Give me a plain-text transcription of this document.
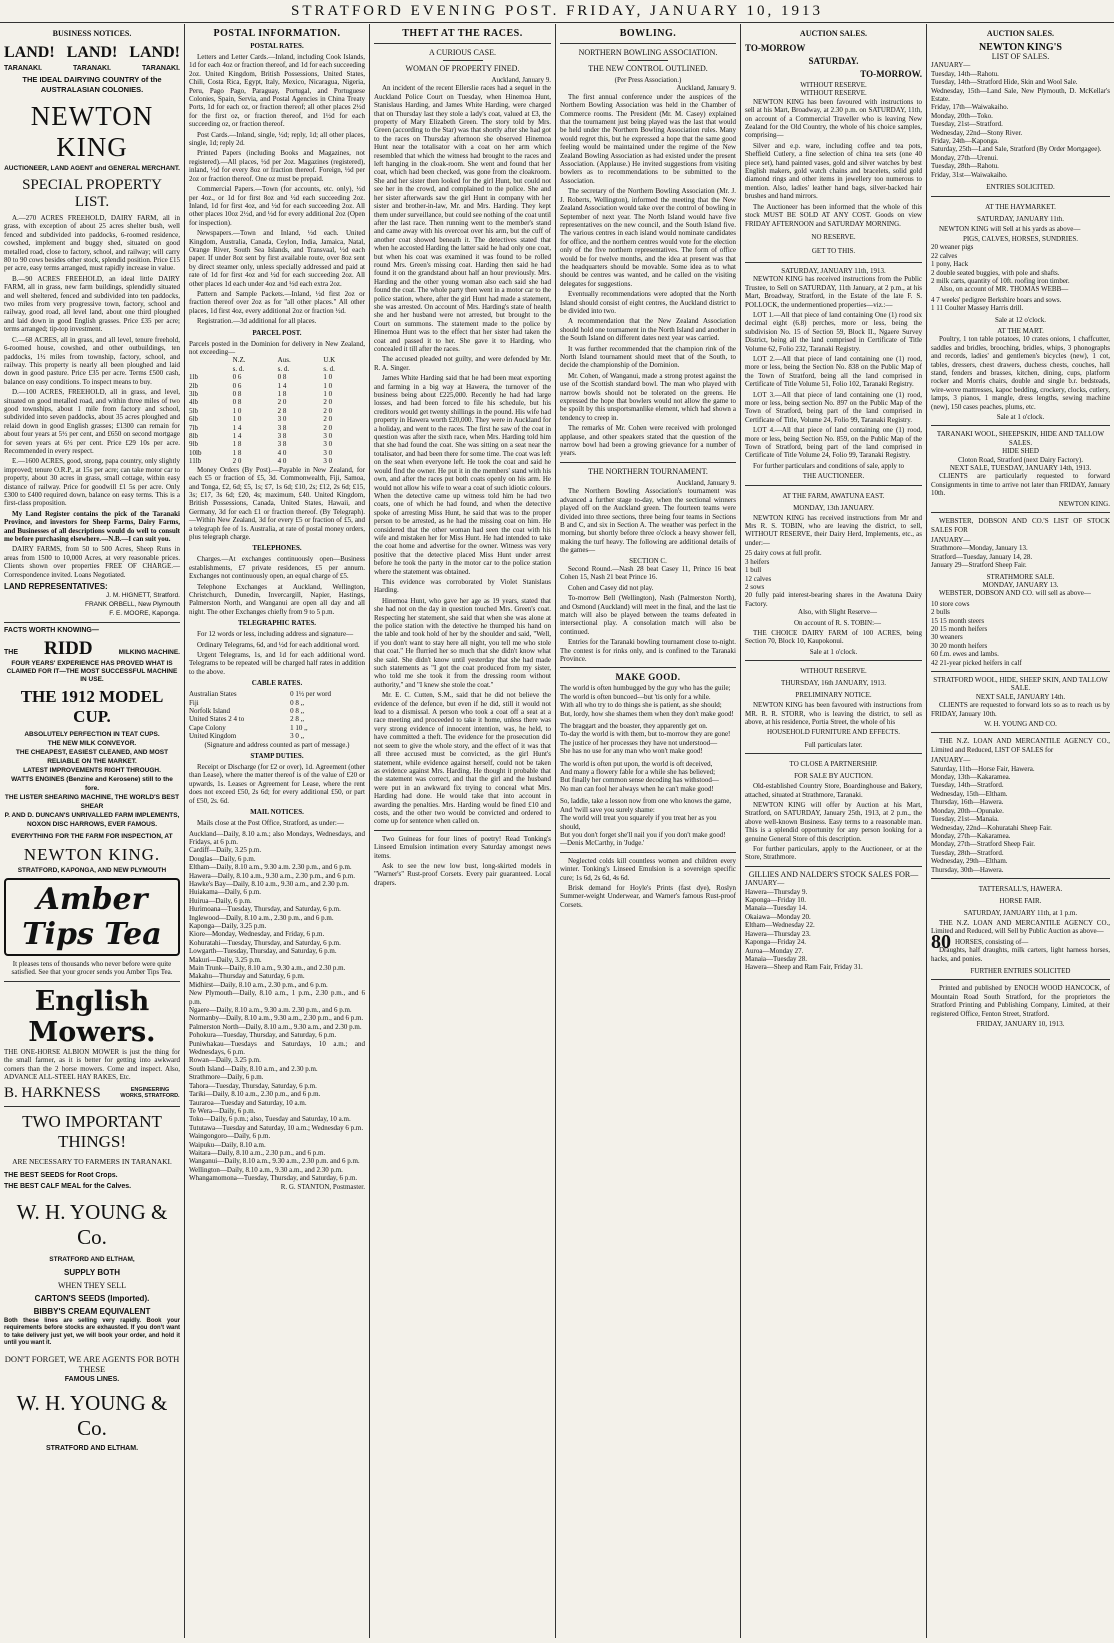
STRATFORD EVENING POST. FRIDAY, JANUARY 10, 1913
BUSINESS NOTICES.
LAND! LAND! LAND!
TARANAKI.	TARANAKI.	TARANAKI.
THE IDEAL DAIRYING COUNTRY of the AUSTRALASIAN COLONIES.
NEWTON KING
AUCTIONEER, LAND AGENT and GENERAL MERCHANT.
SPECIAL PROPERTY LIST.

A.—270 ACRES FREEHOLD, DAIRY FARM, all in grass, with exception of about 25 acres shelter bush, well fenced and subdivided into paddocks, 6-roomed residence, cowshed, implement and buggy shed, situated on good metalled road, close to factory, school, and railway; will carry 80 to 90 cows besides other stock, splendid position. Price £15 per acre, easy terms arranged, must rapidly increase in value.

B.—90 ACRES FREEHOLD, an ideal little DAIRY FARM, all in grass, new farm buildings, splendidly situated and well sheltered, fenced and subdivided into ten paddocks, two miles from very progressive town, factory, school and railway, good road, all level land, about one third ploughed and laid down in good English grasses. Price £35 per acre; terms arranged; tip-top investment.

C.—68 ACRES, all in grass, and all level, tenure freehold, 6-roomed house, cowshed, and other outbuildings, ten paddocks, 1½ miles from township, factory, school, and railway. This property is nearly all been ploughed and laid down in good pasture. Price £35 per acre. Terms £500 cash, balance on easy conditions. To inspect means to buy.

D.—100 ACRES, FREEHOLD, all in grass, and level, situated on good metalled road, and within three miles of two good townships, about 1 mile from factory and school, subdivided into seven paddocks, about 35 acres ploughed and relaid down in good English grasses; £1300 can remain for about four years at 5½ per cent, and £650 on second mortgage for seven years at 6½ per cent. Price £29 10s per acre. Recommended in every respect.

E.—1600 ACRES, good, strong, papa country, only slightly improved; tenure O.R.P., at 15s per acre; can take motor car to property, about 30 acres in grass, small cottage, within easy distance of railway. Price for goodwill £1 5s per acre. Only £300 to £400 required down, balance on easy terms. This is a first-class proposition.

My Land Register contains the pick of the Taranaki Province, and investors for Sheep Farms, Dairy Farms, and Businesses of all descriptions would do well to consult me before purchasing elsewhere.—N.B.—I can suit you.

DAIRY FARMS, from 50 to 500 Acres, Sheep Runs in areas from 1500 to 10,000 Acres, at very reasonable prices. Clients shown over properties FREE OF CHARGE.—Correspondence invited. Loans Negotiated.

LAND REPRESENTATIVES:
J. M. HIGNETT, Stratford.
FRANK ORBELL, New Plymouth
F. E. MOORE, Kaponga.
FACTS WORTH KNOWING—
THE RIDD	MILKING MACHINE.
FOUR YEARS' EXPERIENCE HAS PROVED WHAT IS CLAIMED FOR IT—THE MOST SUCCESSFUL MACHINE IN USE.
THE 1912 MODEL CUP.
ABSOLUTELY PERFECTION IN TEAT CUPS.
THE NEW MILK CONVEYOR.
THE CHEAPEST, EASIEST CLEANED, AND MOST RELIABLE ON THE MARKET.
LATEST IMPROVEMENTS RIGHT THROUGH.
WATTS ENGINES (Benzine and Kerosene) still to the fore.
THE LISTER SHEARING MACHINE, THE WORLD'S BEST SHEAR
P. AND D. DUNCAN'S UNRIVALLED FARM IMPLEMENTS, NOXON DISC HARROWS, EVER FAMOUS.
EVERYTHING FOR THE FARM FOR INSPECTION, AT
NEWTON KING.
STRATFORD, KAPONGA, AND NEW PLYMOUTH
Amber Tips Tea
It pleases tens of thousands who never before were quite satisfied. See that your grocer sends you Amber Tips Tea.
English Mowers.
THE ONE-HORSE ALBION MOWER is just the thing for the small farmer, as it is better for getting into awkward corners than the 2 horse mowers. Come and inspect. Also, ADVANCE ALL-STEEL HAY RAKES, Etc.
B. HARKNESS	ENGINEERING WORKS, STRATFORD.
TWO IMPORTANT THINGS!
ARE NECESSARY TO FARMERS IN TARANAKI.
THE BEST SEEDS for Root Crops.
THE BEST CALF MEAL for the Calves.
W. H. YOUNG & Co.
STRATFORD AND ELTHAM,
SUPPLY BOTH
WHEN THEY SELL
CARTON'S SEEDS (Imported).
BIBBY'S CREAM EQUIVALENT
Both these lines are selling very rapidly. Book your requirements before stocks are exhausted. If you don't want to take delivery just yet, we will book your order, and hold it until you want it.
DON'T FORGET, WE ARE AGENTS FOR BOTH THESE
FAMOUS LINES.
W. H. YOUNG & Co.
STRATFORD AND ELTHAM.
POSTAL INFORMATION.
POSTAL RATES.

Letters and Letter Cards.—Inland, including Cook Islands, 1d for each 4oz or fraction thereof, and 1d for each succeeding 2oz. United Kingdom, British Possessions, United States, Chili, Costa Rica, Egypt, Italy, Mexico, Nicaragua, Nigeria, Peru, Pago Pago, Paraguay, Portugal, and Portuguese Colonies, Spain, Servia, and Postal Agencies in China Treaty Ports, 1d for each oz, or fraction thereof; all other places 2½d for the first oz, or fraction thereof, and 1½d for each succeeding oz, or fraction thereof.

Post Cards.—Inland, single, ½d; reply, 1d; all other places, single, 1d; reply 2d.

Printed Papers (including Books and Magazines, not registered).—All places, ½d per 2oz. Magazines (registered), inland, ½d for every 8oz or fraction thereof. Foreign, ½d per 2oz or fraction thereof. One oz must be prepaid.

Commercial Papers.—Town (for accounts, etc. only), ½d per 4oz., or 1d for first 8oz and ½d each succeeding 2oz. Inland, 1d for first 4oz, and ½d for each succeeding 2oz. All other places 10oz 2½d, and ½d for every additional 2oz (Open for inspection).

Newspapers.—Town and Inland, ½d each. United Kingdom, Australia, Canada, Ceylon, India, Jamaica, Natal, Orange River, South Sea Islands, and Transvaal, ½d each paper. If under 8oz sent by first available route, over 8oz sent by direct steamer only, unless specially addressed and paid at rate of 1d for first 4oz and ½d for each succeeding 2oz. All other places 1d each under 4oz and ½d each extra 2oz.

Pattern and Sample Packets.—Inland, ½d first 2oz or fraction thereof over 2oz as for "all other places." All other places, 1d first 4oz, every additional 2oz or fraction ½d.

Registration.—3d additional for all places.

PARCEL POST.
Parcels posted in the Dominion for delivery in New Zealand, not exceeding—
	N.Z.	Aus.	U.K
	s. d.	s. d.	s. d.
1lb	0 6	0 8	1 0
2lb	0 6	1 4	1 0
3lb	0 8	1 8	1 0
4lb	0 8	2 0	2 0
5lb	1 0	2 8	2 0
6lb	1 0	3 0	2 0
7lb	1 4	3 8	2 0
8lb	1 4	3 8	3 0
9lb	1 8	3 8	3 0
10lb	1 8	4 0	3 0
11lb	2 0	4 0	3 0

Money Orders (By Post).—Payable in New Zealand, for each £5 or fraction of £5, 3d. Commonwealth, Fiji, Samoa, and Tonga, £2, 6d; £5, 1s; £7, 1s 6d; £10, 2s; £12, 2s 6d; £15, 3s; £17, 3s 6d; £20, 4s; maximum, £40. United Kingdom, British Possessions, Canada, United States, Hawaii, and Germany, 3d for each £1 or fraction thereof. (By Telegraph).—Within New Zealand, 3d for every £5 or fraction of £5, and a telegraph fee of 1s. Australia, at rate of postal money orders, plus telegraph charge.

TELEPHONES.

Charges.—At exchanges continuously open—Business establishments, £7 private residences, £5 per annum. Exchanges not continuously open, an equal charge of £5.

Telephone Exchanges at Auckland, Wellington, Christchurch, Dunedin, Invercargill, Napier, Hastings, Palmerston North, and Wanganui are open all day and all night. The other Exchanges chiefly from 9 to 5 p.m.

TELEGRAPHIC RATES.

For 12 words or less, including address and signature—

Ordinary Telegrams, 6d, and ½d for each additional word.

Urgent Telegrams, 1s, and 1d for each additional word. Telegrams to be repeated will be charged half rates in addition to the above.

CABLE RATES.
Australian States	0 1½ per word
Fiji	0 8 ,,
Norfolk Island	0 8 ,,
United States 2 4 to	2 8 ,,
Cape Colony	1 10 ,,
United Kingdom	3 0 ,,
(Signature and address counted as part of message.)
STAMP DUTIES.

Receipt or Discharge (for £2 or over), 1d. Agreement (other than Lease), where the matter thereof is of the value of £20 or upwards, 1s. Leases or Agreement for Lease, where the rent does not exceed £50, 2s 6d; for every additional £50, or part of £50, 2s. 6d.

MAIL NOTICES.

Mails close at the Post Office, Stratford, as under:—

Auckland—Daily, 8.10 a.m.; also Mondays, Wednesdays, and Fridays, at 6 p.m.
Cardiff—Daily, 3.25 p.m.
Douglas—Daily, 6 p.m.
Eltham—Daily, 8.10 a.m., 9.30 a.m. 2.30 p.m., and 6 p.m.
Hawera—Daily, 8.10 a.m., 9.30 a.m., 2.30 p.m., and 6 p.m.
Hawke's Bay—Daily, 8.10 a.m., 9.30 a.m., and 2.30 p.m.
Huiakama—Daily, 6 p.m.
Huirua—Daily, 6 p.m.
Hurimoana—Tuesday, Thursday, and Saturday, 6 p.m.
Inglewood—Daily, 8.10 a.m., 2.30 p.m., and 6 p.m.
Kaponga—Daily, 3.25 p.m.
Kiore—Monday, Wednesday, and Friday, 6 p.m.
Kohuratahi—Tuesday, Thursday, and Saturday, 6 p.m.
Lowgarth—Tuesday, Thursday, and Saturday, 6 p.m.
Makuri—Daily, 3.25 p.m.
Main Trunk—Daily, 8.10 a.m., 9.30 a.m., and 2.30 p.m.
Makahu—Thursday and Saturday, 6 p.m.
Midhirst—Daily, 8.10 a.m., 2.30 p.m., and 6 p.m.
New Plymouth—Daily, 8.10 a.m., 1 p.m., 2.30 p.m., and 6 p.m.
Ngaere—Daily, 8.10 a.m., 9.30 a.m. 2.30 p.m., and 6 p.m.
Normanby—Daily, 8.10 a.m., 9.30 a.m., 2.30 p.m., and 6 p.m.
Palmerston North—Daily, 8.10 a.m., 9.30 a.m., and 2.30 p.m.
Pohokura—Tuesday, Thursday, and Saturday, 6 p.m.
Puniwhakau—Tuesdays and Saturdays, 10 a.m.; and Wednesdays, 6 p.m.
Rowan—Daily, 3.25 p.m.
South Island—Daily, 8.10 a.m., and 2.30 p.m.
Strathmore—Daily, 6 p.m.
Tahora—Tuesday, Thursday, Saturday, 6 p.m.
Tariki—Daily, 8.10 a.m., 2.30 p.m., and 6 p.m.
Tauraroa—Tuesday and Saturday, 10 a.m.
Te Wera—Daily, 6 p.m.
Toko—Daily, 6 p.m.; also, Tuesday and Saturday, 10 a.m.
Tututawa—Tuesday and Saturday, 10 a.m.; Wednesday 6 p.m.
Waingongoro—Daily, 6 p.m.
Waipuku—Daily, 8.10 a.m.
Waitara—Daily, 8.10 a.m., 2.30 p.m., and 6 p.m.
Wanganui—Daily, 8.10 a.m., 9.30 a.m., 2.30 p.m. and 6 p.m.
Wellington—Daily, 8.10 a.m., 9.30 a.m., and 2.30 p.m.
Whangamomona—Tuesday, Thursday, and Saturday, 6 p.m.
R. G. STANTON, Postmaster.
THEFT AT THE RACES.
A CURIOUS CASE.
WOMAN OF PROPERTY FINED.
Auckland, January 9.

An incident of the recent Ellerslie races had a sequel in the Auckland Police Court on Tuesday, when Hinemoa Hunt, Stanislaus Harding, and James White Harding, were charged that on Thursday last they stole a lady's coat, valued at £3, the property of Mary Elizabeth Green. The story told by Mrs. Green (according to the Star) was that shortly after she had got to the races on Thursday afternoon she observed Hinemoa Hunt near the totalisator with a coat on her arm which resembled that which the witness had brought to the races and left hanging in the cloak-room. She went and found that her coat, which had been checked, was gone from the cloakroom. She and her sister then looked for the girl Hunt, but could not see her in the crowd, and complained to the police. She and her sister afterwards saw the girl Hunt in company with her sister and brother-in-law, Mr. and Mrs. Harding. They kept them under surveillance, but could see nothing of the coat until after the last race. Then running went to the member's stand and came away with his overcoat over his arm, but the cuff of another coat showed beneath it. The detectives stated that when he accosted Harding the latter said he had only one coat, but when his coat was examined it was found to be rolled round Mrs. Green's missing coat. Harding then said he had found it on the grandstand about half an hour previously. Mrs. Harding and the other young woman also each said she had found the coat. The whole party then went in a motor car to the police station, where, after the girl Hunt had made a statement, she was arrested. On account of Mrs. Harding's state of health she and her husband were not arrested, but brought to the Court on summons. The statement made to the police by Hinemoa Hunt was to the effect that her sister had taken the coat and passed it to her. She gave it to Harding, who concealed it till after the races.

The accused pleaded not guilty, and were defended by Mr. R. A. Singer.

James White Harding said that he had been meat exporting and farming in a big way at Hawera, the turnover of the business being about £225,000. Recently he had had large losses, and had been forced to file his schedule, but his creditors would get twenty shillings in the pound. His wife had property in Hawera worth £20,000. They were in Auckland for a holiday, and went to the races. The first he saw of the coat in question was after the sixth race, when Mrs. Harding told him that she had found the coat. She was sitting on a seat near the totalisator, and had been there for some time. The coat was left on the seat when everyone left. He took the coat and said he would find the owner. He put it in the members' stand with his own, and after the races put both coats openly on his arm. He would not allow his wife to wear a coat of such idiotic colours. When the detective came up witness told him he had two coats, one of which he had found, and when the detective spoke of arresting Miss Hunt, he said that was to the proper person to be arrested, as he had the missing coat on him. He considered that the other woman had seen the coat with his wife and mistaken her for Miss Hunt. He had intended to take the coat home and advertise for the owner. Witness was very positive that the detective placed Miss Hunt under arrest before he took the party in the motor car to the police station where the statement was obtained.

This evidence was corroborated by Violet Stanislaus Harding.

Hinemoa Hunt, who gave her age as 19 years, stated that she had not on the day in question touched Mrs. Green's coat. Respecting her statement, she said that when she was alone at the police station with the detective he thumped his hand on the table and took hold of her by the shoulder and said, "Well, if you don't want to stay here all night, you tell me who stole that coat." He flurried her so much that she didn't know what she said. She didn't know until yesterday that she had made such statements as "I got the coat produced from my sister, who told me she took it from the dressing room without authority," and "I knew she stole the coat."

Mr. E. C. Cutten, S.M., said that he did not believe the evidence of the defence, but even if he did, still it would not lead to a dismissal. A person who took a coat off a seat at a race meeting and proceeded to take it home, unless there was very strong evidence of innocent intention, was, he held, to have committed a theft. The evidence for the prosecution did not seem to give the whole story, and the effect of it was that all three accused must be convicted, as the girl Hunt's statement, while evidence against herself, could not be taken as evidence against Mrs. Harding. He thought it probable that the statement was correct, and that the girl and the husband were put in an awkward fix trying to conceal what Mrs. Harding had done. He would take that into account in awarding the penalties. Mrs. Harding would be fined £10 and costs, and the other two would be convicted and ordered to come up for sentence when called on.

Two Guineas for four lines of poetry! Read Tonking's Linseed Emulsion intimation every Saturday amongst news items.

Ask to see the new low bust, long-skirted models in "Warner's" Rust-proof Corsets. Every pair guaranteed. Local drapers.

BOWLING.
NORTHERN BOWLING ASSOCIATION.
THE NEW CONTROL OUTLINED.
(Per Press Association.)
Auckland, January 9.

The first annual conference under the auspices of the Northern Bowling Association was held in the Chamber of Commerce rooms. The President (Mr. M. Casey) explained that the tournament just being played was the last that would be held under the Northern Bowling Association rules. Many would regret this, but he expressed a hope that the same good feeling would be maintained under the regime of the New Zealand Bowling Association as had existed under the present Association. (Applause.) He invited suggestions from visiting bowlers as to recommendations to be submitted to the Association.

The secretary of the Northern Bowling Association (Mr. J. J. Roberts, Wellington), informed the meeting that the New Zealand Association would take over the control of bowling in September of next year. The North Island would have five representatives on the new council, and the South Island five. The various centres in each island would nominate candidates for office, and the northern centres would vote for the election only of the five northern representatives. The form of office would be for twelve months, and the idea at present was that the headquarters should be movable. Some idea as to what should be centres was wanted, and he called on the visiting delegates for suggestions.

Eventually recommendations were adopted that the North Island should consist of eight centres, the Auckland district to be divided into two.

A recommendation that the New Zealand Association should hold one tournament in the North Island and another in the South Island on different dates next year was carried.

It was further recommended that the champion rink of the North Island tournament should meet that of the South, to decide the championship of the Dominion.

Mr. Cohen, of Wanganui, made a strong protest against the use of the Scottish standard bowl. The man who played with narrow bowls should not be tolerated on the greens. He expressed the hope that bowlers would not allow the game to be spoilt by this unsportsmanlike element, which had shown a tendency to creep in.

The remarks of Mr. Cohen were received with prolonged applause, and other speakers stated that the question of the narrow bowl had been a growing grievance for a number of years.

THE NORTHERN TOURNAMENT.
Auckland, January 9.

The Northern Bowling Association's tournament was advanced a further stage to-day, when the sectional winners played off on the Auckland green. The fourteen teams were divided into three sections, three being four teams in Sections B and C, and six in Section A. The weather was perfect in the morning, but shortly before three o'clock a heavy shower fell, making the turf heavy. The following are additional details of the games—

SECTION C.

Second Round.—Nash 28 beat Casey 11, Prince 16 beat Cohen 15, Nash 21 beat Prince 16.

Cohen and Casey did not play.

To-morrow Bell (Wellington), Nash (Palmerston North), and Osmond (Auckland) will meet in the final, and the last tie match will also be played between the teams defeated in intersectional play. A consolation match will also be continued.

Entries for the Taranaki bowling tournament close to-night. The contest is for rinks only, and is confined to the Taranaki Province.

MAKE GOOD.
The world is often humbugged by the guy who has the guile;
The world is often buncoed—but 'tis only for a while.
With all who try to do things she is patient, as she should;
But, lordy, how she shames them when they don't make good!
The braggart and the boaster, they apparently get on.
To-day the world is with them, but to-morrow they are gone!
The justice of her processes they have not understood—
She has no use for any man who won't make good!
The world is often put upon, the world is oft deceived,
And many a flowery fable for a while she has believed;
But finally her common sense decoding has withstood—
No man can fool her always when he can't make good!
So, laddie, take a lesson now from one who knows the game,
And 'twill save you surely shame:
The world will treat you squarely if you treat her as you should,
But you don't forget she'll nail you if you don't make good!
—Denis McCarthy, in 'Judge.'

Neglected colds kill countless women and children every winter. Tonking's Linseed Emulsion is a sovereign specific cure; 1s 6d, 2s 6d, 4s 6d.

Brisk demand for Hoyle's Prints (fast dye), Roslyn Summer-weight Underwear, and Warner's famous Rust-proof Corsets.

AUCTION SALES.
TO-MORROW
SATURDAY.
TO-MORROW.
WITHOUT RESERVE.
WITHOUT RESERVE.

NEWTON KING has been favoured with instructions to sell at his Mart, Broadway, at 2.30 p.m. on SATURDAY, 11th, on account of a Commercial Traveller who is leaving New Zealand for the Old Country, the whole of his choice samples, comprising—

Silver and e.p. ware, including coffee and tea pots, Sheffield Cutlery, a fine selection of china tea sets (one 40 piece set), hand painted vases, gold and silver watches by best English makers, gold watch chains and bracelets, solid gold diamond rings and other items in jewellery too numerous to mention. Also, ladies' leather hand bags, silver-backed hair brushes and hand mirrors.

The Auctioneer has been informed that the whole of this stock MUST BE SOLD AT ANY COST. Goods on view FRIDAY AFTERNOON and SATURDAY MORNING.

NO RESERVE.
GET TO THIS.
SATURDAY, JANUARY 11th, 1913.

NEWTON KING has received instructions from the Public Trustee, to Sell on SATURDAY, 11th January, at 2 p.m., at his Mart, Broadway, Stratford, in the Estate of the late F. S. POLLOCK, the undermentioned properties—viz.:—

LOT 1.—All that piece of land containing One (1) rood six decimal eight (6.8) perches, more or less, being the subdivision No. 15 of Section 59, Block II., Ngaere Survey District, being all the land comprised in Certificate of Title Volume 62, Folio 232, Taranaki Registry.

LOT 2.—All that piece of land containing one (1) rood, more or less, being the Section No. 838 on the Public Map of the Town of Stratford, being all the land comprised in Certificate of Title Volume 51, Folio 102, Taranaki Registry.

LOT 3.—All that piece of land containing one (1) rood, more or less, being section No. 897 on the Public Map of the Town of Stratford, being part of the land comprised in Certificate of Title, Volume 24, Folio 99, Taranaki Registry.

LOT 4.—All that piece of land containing one (1) rood, more or less, being Section No. 859, on the Public Map of the Town of Stratford, being part of the land comprised in Certificate of Title Volume 24, Folio 99, Taranaki Registry.

For further particulars and conditions of sale, apply to

THE AUCTIONEER.
AT THE FARM, AWATUNA EAST.
MONDAY, 13th JANUARY.

NEWTON KING has received instructions from Mr and Mrs R. S. TOBIN, who are leaving the district, to sell, WITHOUT RESERVE, their Dairy Herd, Implements, etc., as under:—

25 dairy cows at full profit.
3 heifers
1 bull
12 calves
2 sows
20 fully paid interest-bearing shares in the Awatuna Dairy Factory.

Also, with Slight Reserve—

On account of R. S. TOBIN:—

THE CHOICE DAIRY FARM of 100 ACRES, being Section 70, Block 10, Kaupokonui.

Sale at 1 o'clock.
WITHOUT RESERVE.
THURSDAY, 16th JANUARY, 1913.
PRELIMINARY NOTICE.

NEWTON KING has been favoured with instructions from MR. R. R. STORR, who is leaving the district, to sell as above, at his residence, Portia Street, the whole of his

HOUSEHOLD FURNITURE AND EFFECTS.
Full particulars later.
TO CLOSE A PARTNERSHIP.
FOR SALE BY AUCTION.

Old-established Country Store, Boardinghouse and Bakery, attached, situated at Strathmore, Taranaki.

NEWTON KING will offer by Auction at his Mart, Stratford, on SATURDAY, January 25th, 1913, at 2 p.m., the above well-known Business. Easy terms to a reasonable man. This is a splendid opportunity for any person looking for a genuine General Store of this description.

For further particulars, apply to the Auctioneer, or at the Store, Strathmore.

GILLIES AND NALDER'S STOCK SALES FOR—
JANUARY—
Hawera—Thursday 9.
Kaponga—Friday 10.
Manaia—Tuesday 14.
Okaiawa—Monday 20.
Eltham—Wednesday 22.
Hawera—Thursday 23.
Kaponga—Friday 24.
Auroa—Monday 27.
Manaia—Tuesday 28.
Hawera—Sheep and Ram Fair, Friday 31.
AUCTION SALES.
NEWTON KING'S
LIST OF SALES.
JANUARY—
Tuesday, 14th—Rahotu.
Tuesday, 14th—Stratford Hide, Skin and Wool Sale.
Wednesday, 15th—Land Sale, New Plymouth, D. McKellar's Estate.
Friday, 17th—Waiwakaiho.
Monday, 20th—Toko.
Tuesday, 21st—Stratford.
Wednesday, 22nd—Stony River.
Friday, 24th—Kaponga.
Saturday, 25th—Land Sale, Stratford (By Order Mortgagee).
Monday, 27th—Urenui.
Tuesday, 28th—Rahotu.
Friday, 31st—Waiwakaiho.
ENTRIES SOLICITED.
AT THE HAYMARKET.
SATURDAY, JANUARY 11th.

NEWTON KING will Sell at his yards as above—

PIGS, CALVES, HORSES, SUNDRIES.
20 weaner pigs
22 calves
1 pony, Hack
2 double seated buggies, with pole and shafts.
2 milk carts, quantity of 10ft. roofing iron timber.

Also, on account of MR. THOMAS WEBB—

4 7 weeks' pedigree Berkshire boars and sows.
1 11 Coulter Massey Harris drill.
Sale at 12 o'clock.
AT THE MART.

Poultry, 1 ton table potatoes, 10 crates onions, 1 chaffcutter, saddles and bridles, brooching, bridles, whips, 3 phonographs and records, ladies' and gentlemen's bicycles (new), 1 cot, tables, dressers, chest drawers, duchess chests, couches, hall stand, fenders and brasses, kitchen, dining, cups, platform rocker and Morris chairs, double and single b.r. bedsteads, wire-wove mattresses, kapoc bedding, crockery, clocks, cutlery, lamps, 3 pianos, 1 mangle, dress lengths, sewing machine (new), 150 cases peaches, plums, etc.

Sale at 1 o'clock.
TARANAKI WOOL, SHEEPSKIN, HIDE AND TALLOW SALES.
HIDE SHED
Cloton Road, Stratford (next Dairy Factory).
NEXT SALE, TUESDAY, JANUARY 14th, 1913.

CLIENTS are particularly requested to forward Consignments in time to arrive not later than FRIDAY, January 10th.

NEWTON KING.

WEBSTER, DOBSON AND CO.'S LIST OF STOCK SALES FOR

JANUARY—
Strathmore—Monday, January 13.
Stratford—Tuesday, January 14, 28.
January 29—Stratford Sheep Fair.
STRATHMORE SALE.
MONDAY, JANUARY 13.

WEBSTER, DOBSON AND CO. will sell as above—

10 store cows
2 bulls
15 15 month steers
20 15 month heifers
30 weaners
30 20 month heifers
60 f.m. ewes and lambs.
42 21-year picked heifers in calf
STRATFORD WOOL, HIDE, SHEEP SKIN, AND TALLOW SALE.
NEXT SALE, JANUARY 14th.

CLIENTS are requested to forward lots so as to reach us by FRIDAY, January 10th.

W. H. YOUNG AND CO.

THE N.Z. LOAN AND MERCANTILE AGENCY CO., Limited and Reduced, LIST OF SALES for

JANUARY—
Saturday, 11th—Horse Fair, Hawera.
Monday, 13th—Kakaramea.
Tuesday, 14th—Stratford.
Wednesday, 15th—Eltham.
Thursday, 16th—Hawera.
Monday, 20th—Opunake.
Tuesday, 21st—Manaia.
Wednesday, 22nd—Kohuratahi Sheep Fair.
Monday, 27th—Kakaramea.
Monday, 27th—Stratford Sheep Fair.
Tuesday, 28th—Stratford.
Wednesday, 29th—Eltham.
Thursday, 30th—Hawera.
TATTERSALL'S, HAWERA.
HORSE FAIR.
SATURDAY, JANUARY 11th, at 1 p.m.

THE N.Z. LOAN AND MERCANTILE AGENCY CO., Limited and Reduced, will Sell by Public Auction as above—

80 HORSES, consisting of—

Draughts, half draughts, milk carters, light harness horses, hacks, and ponies.

FURTHER ENTRIES SOLICITED

Printed and published by ENOCH WOOD HANCOCK, of Mountain Road South Stratford, for the proprietors the Stratford Printing and Publishing Company, Limited, at their registered Office, Fenton Street, Stratford.

FRIDAY, JANUARY 10, 1913.
